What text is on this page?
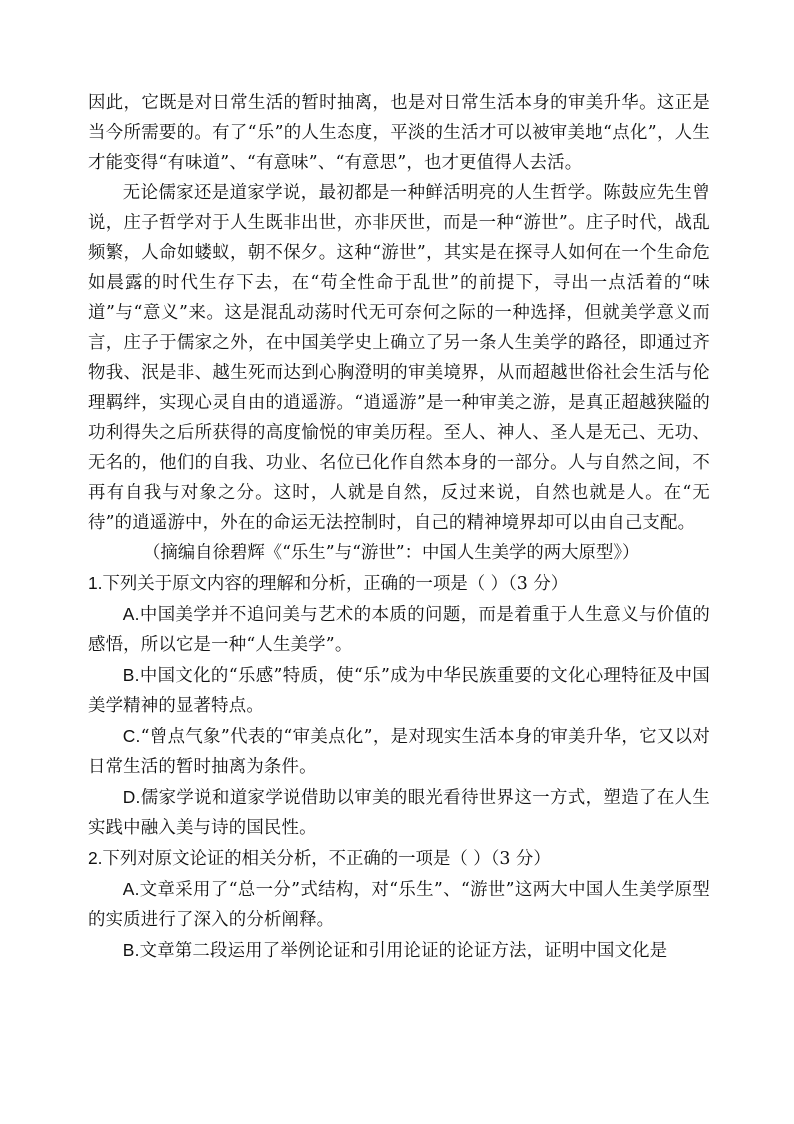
因此，它既是对日常生活的暂时抽离，也是对日常生活本身的审美升华。这正是当今所需要的。有了“乐”的人生态度，平淡的生活才可以被审美地“点化”，人生才能变得“有味道”、“有意味”、“有意思”，也才更值得人去活。

无论儒家还是道家学说，最初都是一种鲜活明亮的人生哲学。陈鼓应先生曾说，庄子哲学对于人生既非出世，亦非厌世，而是一种“游世”。庄子时代，战乱频繁，人命如蝼蚁，朝不保夕。这种“游世”，其实是在探寻人如何在一个生命危如晨露的时代生存下去，在“苟全性命于乱世”的前提下，寻出一点活着的“味道”与“意义”来。这是混乱动荡时代无可奈何之际的一种选择，但就美学意义而言，庄子于儒家之外，在中国美学史上确立了另一条人生美学的路径，即通过齐物我、泯是非、越生死而达到心胸澄明的审美境界，从而超越世俗社会生活与伦理羁绊，实现心灵自由的逍遥游。“逍遥游”是一种审美之游，是真正超越狭隘的功利得失之后所获得的高度愉悦的审美历程。至人、神人、圣人是无己、无功、无名的，他们的自我、功业、名位已化作自然本身的一部分。人与自然之间，不再有自我与对象之分。这时，人就是自然，反过来说，自然也就是人。在“无待”的逍遥游中，外在的命运无法控制时，自己的精神境界却可以由自己支配。

（摘编自徐碧辉《“乐生”与“游世”：中国人生美学的两大原型》）

1.下列关于原文内容的理解和分析，正确的一项是（ ）（3 分）

A.中国美学并不追问美与艺术的本质的问题，而是着重于人生意义与价值的感悟，所以它是一种“人生美学”。

B.中国文化的“乐感”特质，使“乐”成为中华民族重要的文化心理特征及中国美学精神的显著特点。

C.“曾点气象”代表的“审美点化”，是对现实生活本身的审美升华，它又以对日常生活的暂时抽离为条件。

D.儒家学说和道家学说借助以审美的眼光看待世界这一方式，塑造了在人生实践中融入美与诗的国民性。

2.下列对原文论证的相关分析，不正确的一项是（ ）（3 分）

A.文章采用了“总一分”式结构，对“乐生”、“游世”这两大中国人生美学原型的实质进行了深入的分析阐释。

B.文章第二段运用了举例论证和引用论证的论证方法，证明中国文化是
